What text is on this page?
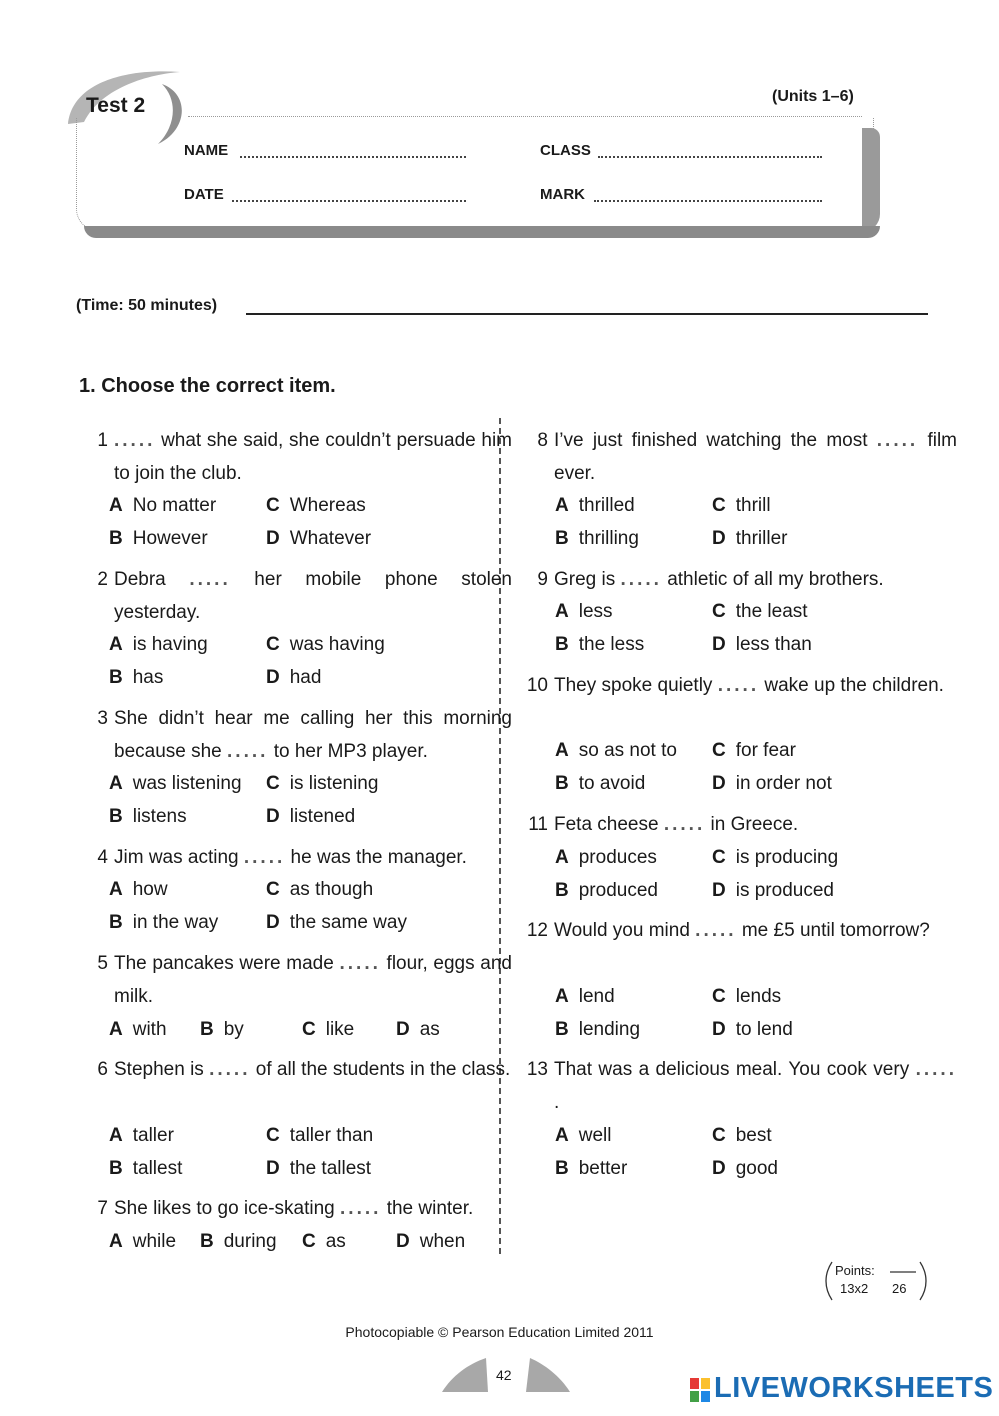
Test 2	(Units 1–6)
NAME	CLASS
DATE	MARK
(Time: 50 minutes)
1. Choose the correct item.
1 ..... what she said, she couldn’t persuade him to join the club.
A No matter
B However
C Whereas
D Whatever
2 Debra ..... her mobile phone stolen yesterday.
A is having
B has
C was having
D had
3 She didn’t hear me calling her this morning because she ..... to her MP3 player.
A was listening
B listens
C is listening
D listened
4 Jim was acting ..... he was the manager.
A how
B in the way
C as though
D the same way
5 The pancakes were made ..... flour, eggs and milk.
A with B by	C like D as
6 Stephen is ..... of all the students in the class.
A taller
B tallest
C taller than
D the tallest
7 She likes to go ice-skating ..... the winter.
A while B during C as	D when
8 I’ve just finished watching the most ..... film ever.
A thrilled
B thrilling
C thrill
D thriller
9 Greg is ..... athletic of all my brothers.
A less
B the less
C the least
D less than
10 They spoke quietly ..... wake up the children.
A so as not to
B to avoid
C for fear
D in order not
11 Feta cheese ..... in Greece.
A produces
B produced
C is producing
D is produced
12 Would you mind ..... me £5 until tomorrow?
A lend
B lending
C lends
D to lend
13 That was a delicious meal. You cook very ..... .
A well
B better
C best
D good
Points:
13x2 26
Photocopiable © Pearson Education Limited 2011
42	LIVEWORKSHEETS
